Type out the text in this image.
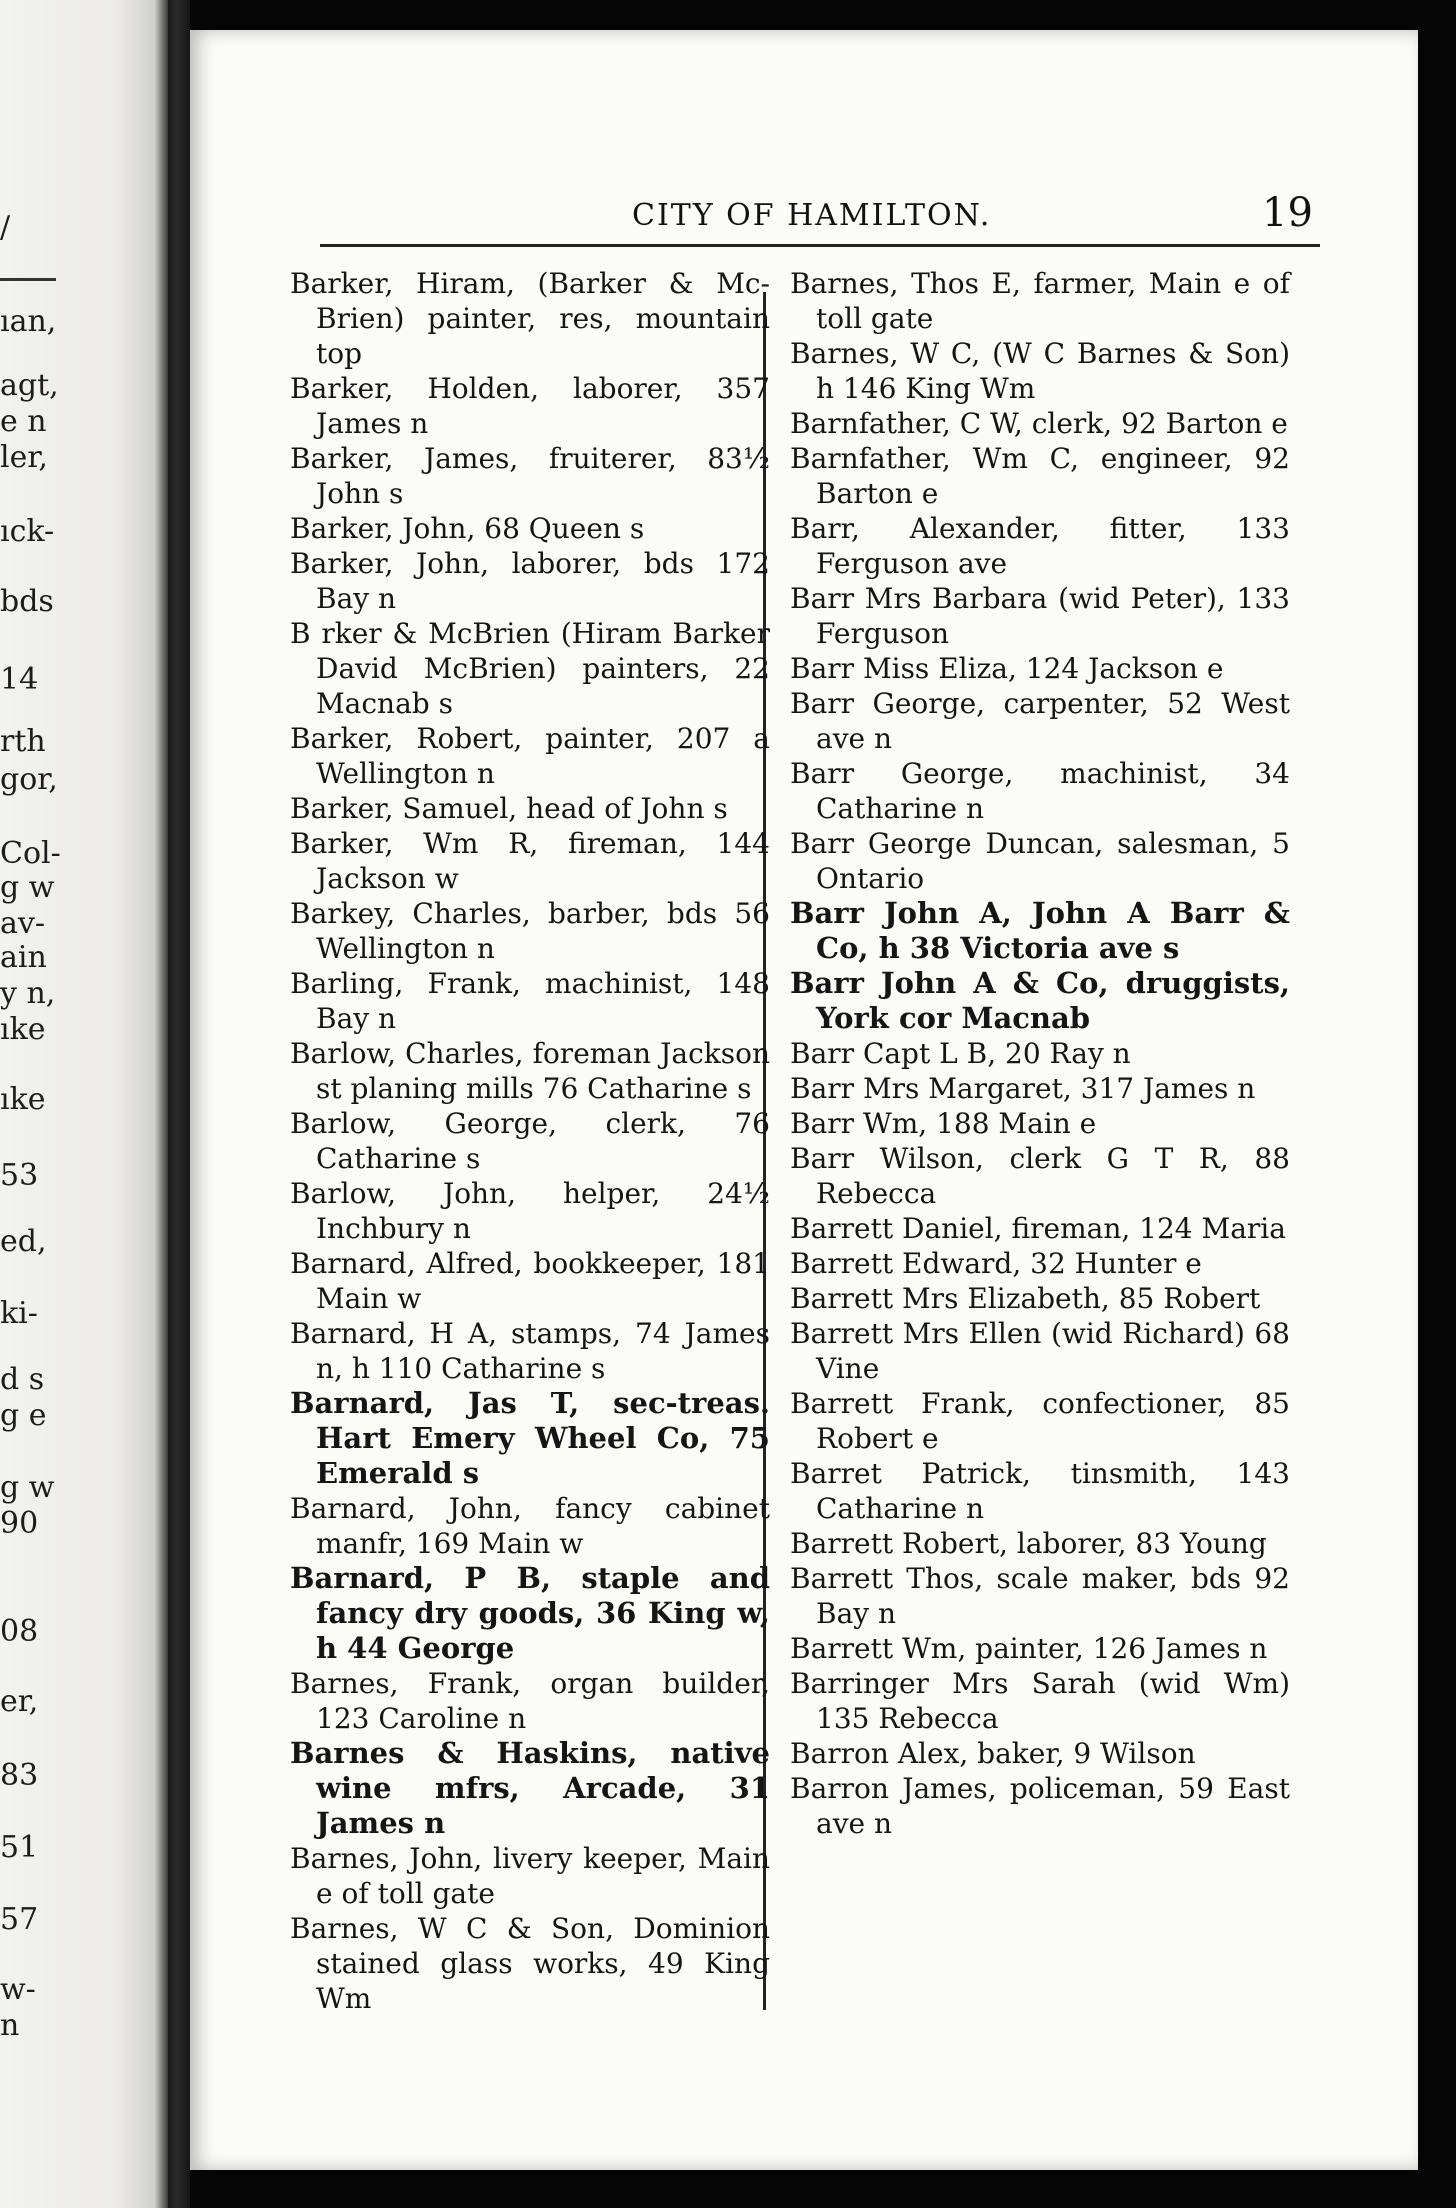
/
ıan,
agt,
e n
ler,
ıck-
bds
14
rth
gor,
Col-
g w
av-
ain
y n,
ıke
ıke
53
ed,
ki-
d s
g e
g w
90
08
er,
83
51
57
w-
n
CITY OF HAMILTON.	19

Barker, Hiram, (Barker & Mc-Brien) painter, res, mountain top

Barker, Holden, laborer, 357 James n

Barker, James, fruiterer, 83½ John s

Barker, John, 68 Queen s

Barker, John, laborer, bds 172 Bay n

B rker & McBrien (Hiram Barker David McBrien) painters, 22 Macnab s

Barker, Robert, painter, 207 a Wellington n

Barker, Samuel, head of John s

Barker, Wm R, fireman, 144 Jackson w

Barkey, Charles, barber, bds 56 Wellington n

Barling, Frank, machinist, 148 Bay n

Barlow, Charles, foreman Jackson st planing mills 76 Catharine s

Barlow, George, clerk, 76 Catharine s

Barlow, John, helper, 24½ Inchbury n

Barnard, Alfred, bookkeeper, 181 Main w

Barnard, H A, stamps, 74 James n, h 110 Catharine s

Barnard, Jas T, sec-treas. Hart Emery Wheel Co, 75 Emerald s

Barnard, John, fancy cabinet manfr, 169 Main w

Barnard, P B, staple and fancy dry goods, 36 King w, h 44 George

Barnes, Frank, organ builder, 123 Caroline n

Barnes & Haskins, native wine mfrs, Arcade, 31 James n

Barnes, John, livery keeper, Main e of toll gate

Barnes, W C & Son, Dominion stained glass works, 49 King Wm

Barnes, Thos E, farmer, Main e of toll gate

Barnes, W C, (W C Barnes & Son) h 146 King Wm

Barnfather, C W, clerk, 92 Barton e

Barnfather, Wm C, engineer, 92 Barton e

Barr, Alexander, fitter, 133 Ferguson ave

Barr Mrs Barbara (wid Peter), 133 Ferguson

Barr Miss Eliza, 124 Jackson e

Barr George, carpenter, 52 West ave n

Barr George, machinist, 34 Catharine n

Barr George Duncan, salesman, 5 Ontario

Barr John A, John A Barr & Co, h 38 Victoria ave s

Barr John A & Co, druggists, York cor Macnab

Barr Capt L B, 20 Ray n

Barr Mrs Margaret, 317 James n

Barr Wm, 188 Main e

Barr Wilson, clerk G T R, 88 Rebecca

Barrett Daniel, fireman, 124 Maria

Barrett Edward, 32 Hunter e

Barrett Mrs Elizabeth, 85 Robert

Barrett Mrs Ellen (wid Richard) 68 Vine

Barrett Frank, confectioner, 85 Robert e

Barret Patrick, tinsmith, 143 Catharine n

Barrett Robert, laborer, 83 Young

Barrett Thos, scale maker, bds 92 Bay n

Barrett Wm, painter, 126 James n

Barringer Mrs Sarah (wid Wm) 135 Rebecca

Barron Alex, baker, 9 Wilson

Barron James, policeman, 59 East ave n
